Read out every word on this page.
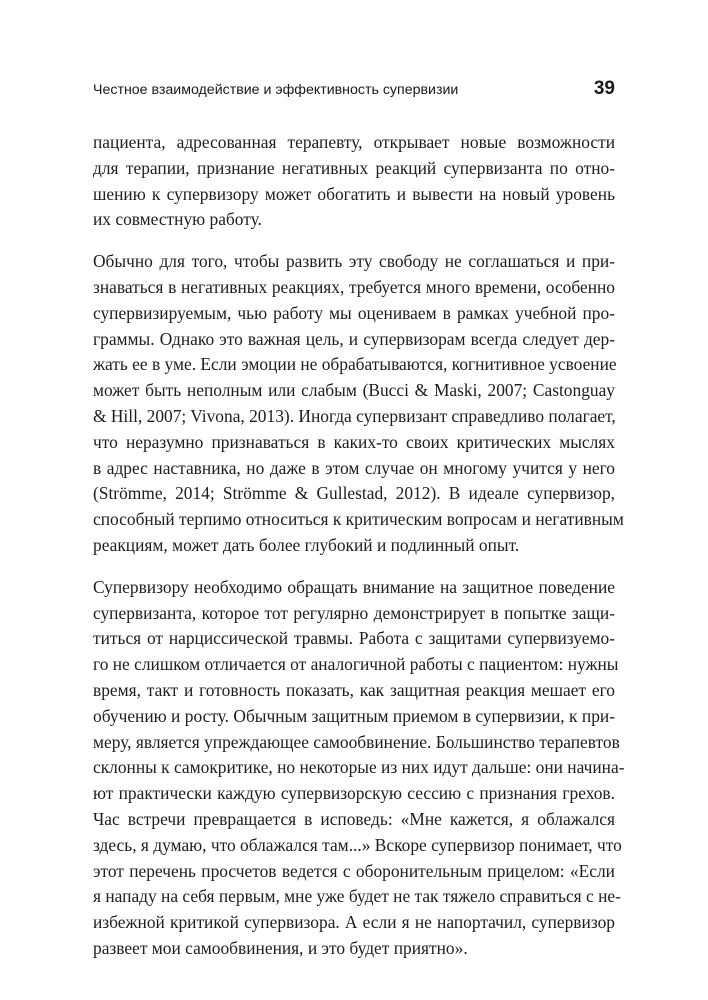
Честное взаимодействие и эффективность супервизии	39
пациента, адресованная терапевту, открывает новые возможности
для терапии, признание негативных реакций супервизанта по отно-
шению к супервизору может обогатить и вывести на новый уровень
их совместную работу.
Обычно для того, чтобы развить эту свободу не соглашаться и при-
знаваться в негативных реакциях, требуется много времени, особенно
супервизируемым, чью работу мы оцениваем в рамках учебной про-
граммы. Однако это важная цель, и супервизорам всегда следует дер-
жать ее в уме. Если эмоции не обрабатываются, когнитивное усвоение
может быть неполным или слабым (Bucci & Maski, 2007; Castonguay
& Hill, 2007; Vivona, 2013). Иногда супервизант справедливо полагает,
что неразумно признаваться в каких-то своих критических мыслях
в адрес наставника, но даже в этом случае он многому учится у него
(Strömme, 2014; Strömme & Gullestad, 2012). В идеале супервизор,
способный терпимо относиться к критическим вопросам и негативным
реакциям, может дать более глубокий и подлинный опыт.
Супервизору необходимо обращать внимание на защитное поведение
супервизанта, которое тот регулярно демонстрирует в попытке защи-
титься от нарциссической травмы. Работа с защитами супервизуемо-
го не слишком отличается от аналогичной работы с пациентом: нужны
время, такт и готовность показать, как защитная реакция мешает его
обучению и росту. Обычным защитным приемом в супервизии, к при-
меру, является упреждающее самообвинение. Большинство терапевтов
склонны к самокритике, но некоторые из них идут дальше: они начина-
ют практически каждую супервизорскую сессию с признания грехов.
Час встречи превращается в исповедь: «Мне кажется, я облажался
здесь, я думаю, что облажался там...» Вскоре супервизор понимает, что
этот перечень просчетов ведется с оборонительным прицелом: «Если
я нападу на себя первым, мне уже будет не так тяжело справиться с не-
избежной критикой супервизора. А если я не напортачил, супервизор
развеет мои самообвинения, и это будет приятно».
